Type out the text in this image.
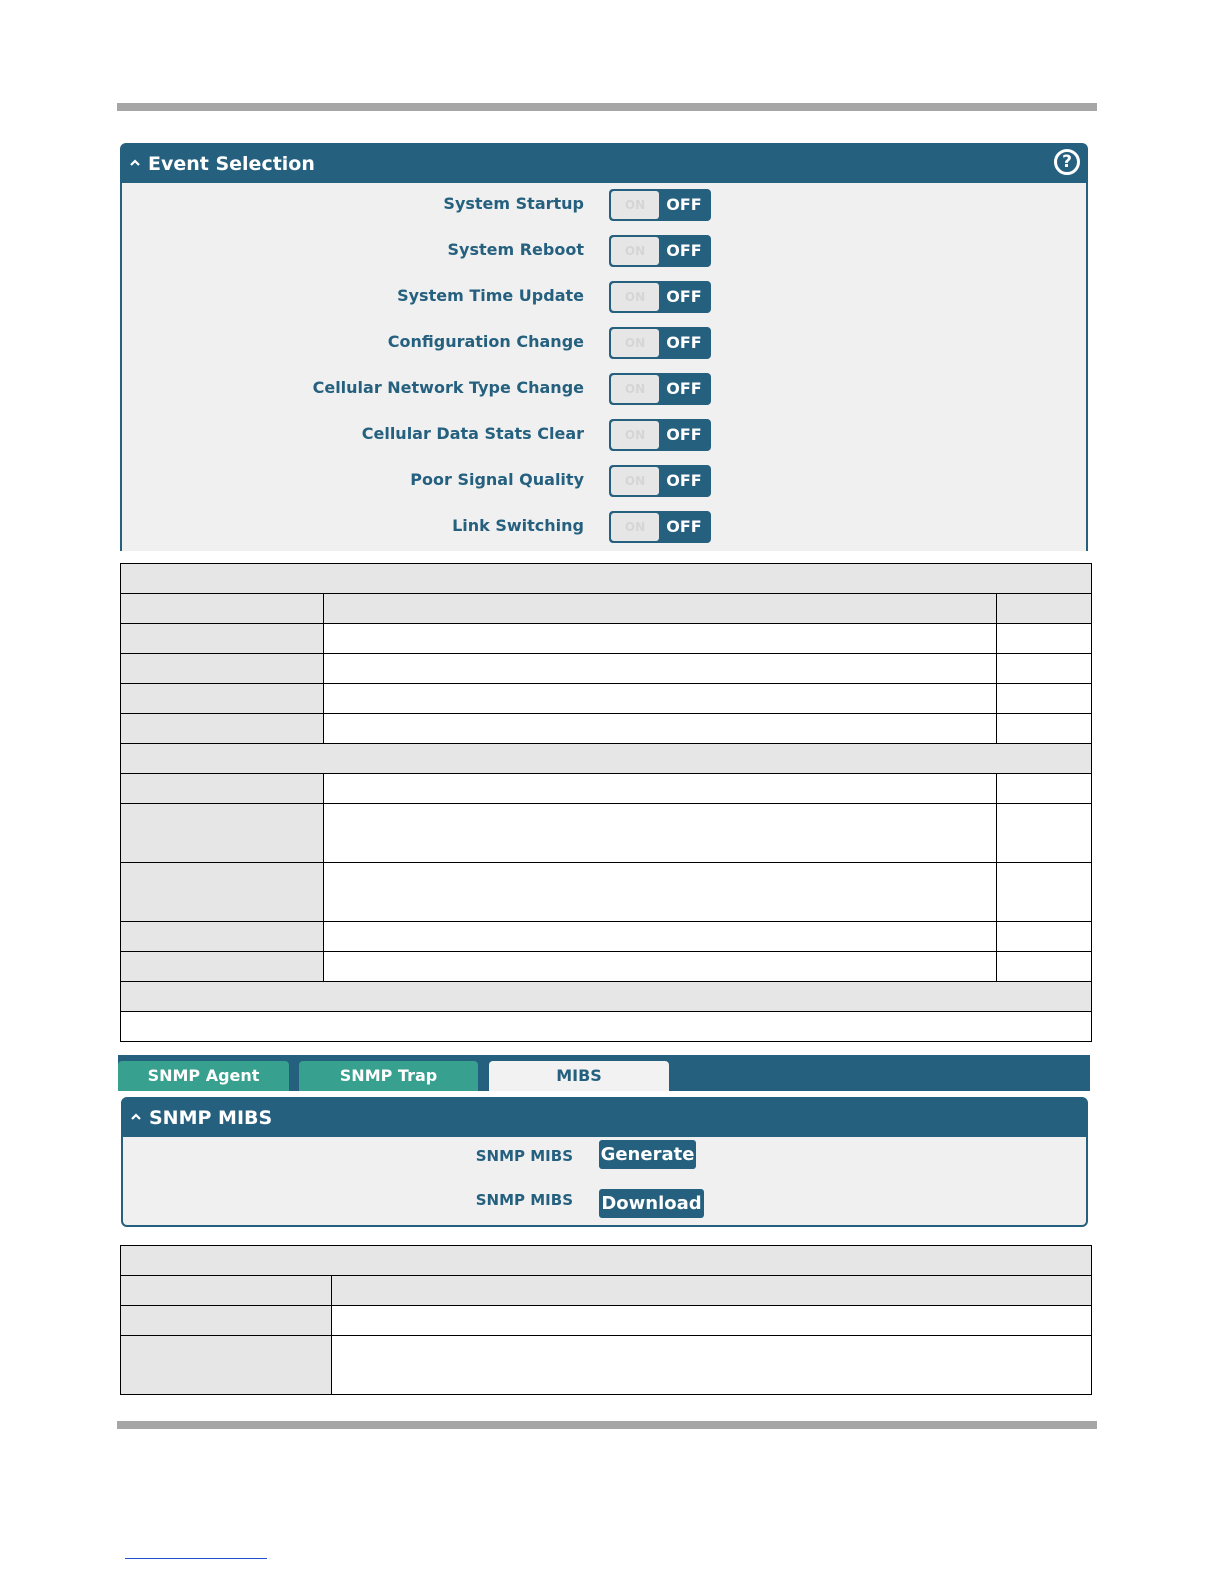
Event Selection	?
System Startup	ON	OFF
System Reboot	ON	OFF
System Time Update	ON	OFF
Configuration Change	ON	OFF
Cellular Network Type Change	ON	OFF
Cellular Data Stats Clear	ON	OFF
Poor Signal Quality	ON	OFF
Link Switching	ON	OFF
SNMP Agent	SNMP Trap	MIBS
SNMP MIBS
SNMP MIBS Generate
SNMP MIBS Download
